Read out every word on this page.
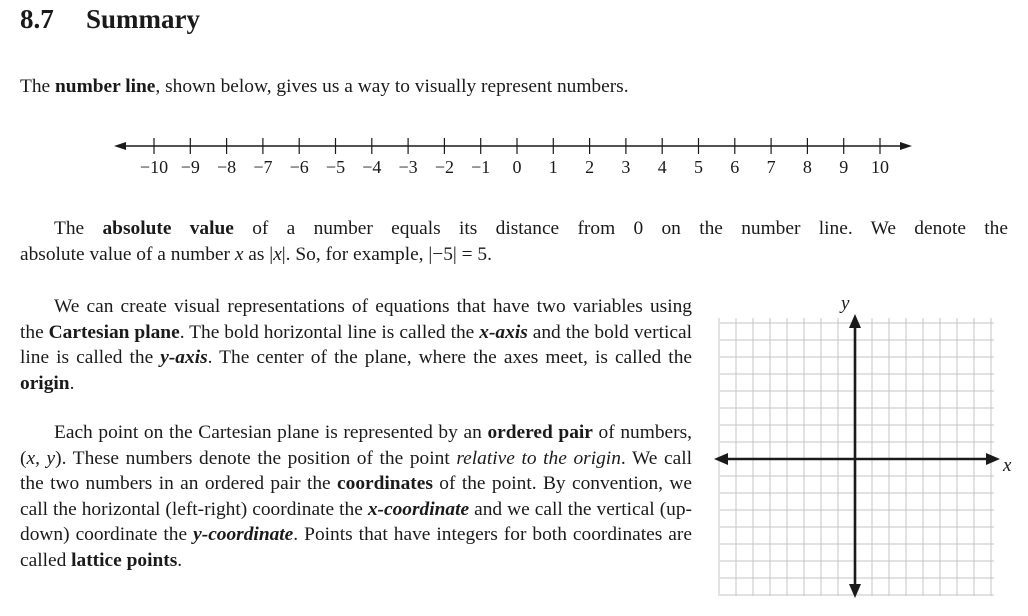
8.7 Summary
The number line, shown below, gives us a way to visually represent numbers.
−10 −9 −8 −7 −6 −5 −4 −3 −2 −1 0 1 2 3 4 5 6 7 8 9 10
The absolute value of a number equals its distance from 0 on the number line. We denote the
absolute value of a number x as |x|. So, for example, |−5| = 5.
We can create visual representations of equations that have two variables using the Cartesian plane. The bold horizontal line is called the x-axis and the bold vertical line is called the y-axis. The center of the plane, where the axes meet, is called the origin.
Each point on the Cartesian plane is represented by an ordered pair of numbers, (x, y). These numbers denote the position of the point relative to the origin. We call the two numbers in an ordered pair the coordinates of the point. By convention, we call the horizontal (left-right) coordinate the x-coordinate and we call the vertical (up-down) coordinate the y-coordinate. Points that have integers for both coordinates are called lattice points.
x
y
